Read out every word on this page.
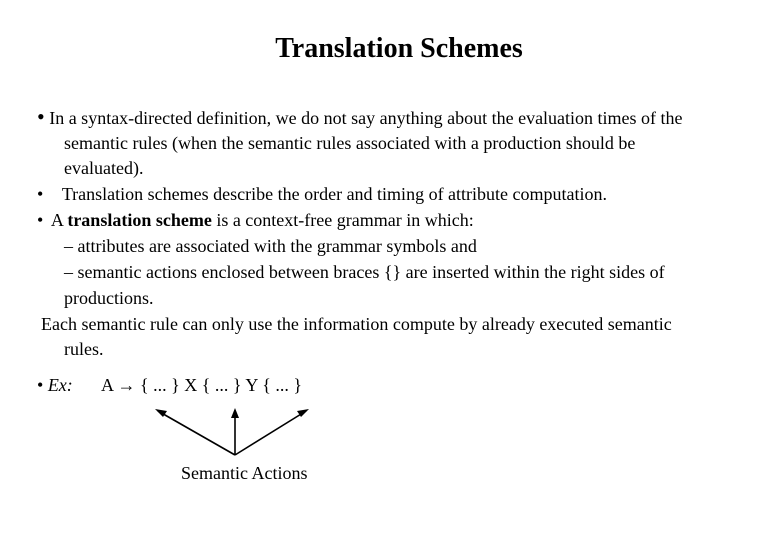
Translation Schemes
• In a syntax-directed definition, we do not say anything about the evaluation times of the
semantic rules (when the semantic rules associated with a production should be
evaluated).
• Translation schemes describe the order and timing of attribute computation.
• A translation scheme is a context-free grammar in which:
– attributes are associated with the grammar symbols and
– semantic actions enclosed between braces {} are inserted within the right sides of
productions.
Each semantic rule can only use the information compute by already executed semantic
rules.
• Ex: A → { ... } X { ... } Y { ... }
Semantic Actions
